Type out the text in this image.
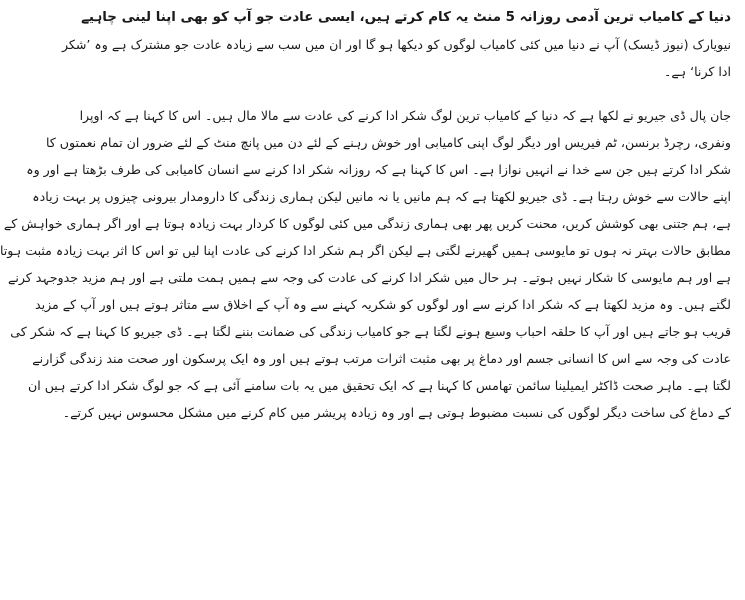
دنیا کے کامیاب ترین آدمی روزانہ 5 منٹ یہ کام کرتے ہیں، ایسی عادت جو آپ کو بھی اپنا لینی چاہیے
نیویارک (نیوز ڈیسک) آپ نے دنیا میں کئی کامیاب لوگوں کو دیکھا ہو گا اور ان میں سب سے زیادہ عادت جو مشترک ہے وہ ’شکر
ادا کرنا‘ ہے۔
جان پال ڈی جیریو نے لکھا ہے کہ دنیا کے کامیاب ترین لوگ شکر ادا کرنے کی عادت سے مالا مال ہیں۔ اس کا کہنا ہے کہ اوپرا
ونفری، رچرڈ برنسن، ٹم فیریس اور دیگر لوگ اپنی کامیابی اور خوش رہنے کے لئے دن میں پانچ منٹ کے لئے ضرور ان تمام نعمتوں کا
شکر ادا کرتے ہیں جن سے خدا نے انہیں نوازا ہے۔ اس کا کہنا ہے کہ روزانہ شکر ادا کرنے سے انسان کامیابی کی طرف بڑھتا ہے اور وہ
اپنے حالات سے خوش رہتا ہے۔ ڈی جیریو لکھتا ہے کہ ہم مانیں یا نہ مانیں لیکن ہماری زندگی کا دارومدار بیرونی چیزوں پر بہت زیادہ
ہے، ہم جتنی بھی کوشش کریں، محنت کریں پھر بھی ہماری زندگی میں کئی لوگوں کا کردار بہت زیادہ ہوتا ہے اور اگر ہماری خواہش کے
مطابق حالات بہتر نہ ہوں تو مایوسی ہمیں گھیرنے لگتی ہے لیکن اگر ہم شکر ادا کرنے کی عادت اپنا لیں تو اس کا اثر بہت زیادہ مثبت ہوتا
ہے اور ہم مایوسی کا شکار نہیں ہوتے۔ ہر حال میں شکر ادا کرنے کی عادت کی وجہ سے ہمیں ہمت ملتی ہے اور ہم مزید جدوجہد کرنے
لگتے ہیں۔ وہ مزید لکھتا ہے کہ شکر ادا کرنے سے اور لوگوں کو شکریہ کہنے سے وہ آپ کے اخلاق سے متاثر ہوتے ہیں اور آپ کے مزید
قریب ہو جاتے ہیں اور آپ کا حلقہ احباب وسیع ہونے لگتا ہے جو کامیاب زندگی کی ضمانت بننے لگتا ہے۔ ڈی جیریو کا کہنا ہے کہ شکر کی
عادت کی وجہ سے اس کا انسانی جسم اور دماغ پر بھی مثبت اثرات مرتب ہوتے ہیں اور وہ ایک پرسکون اور صحت مند زندگی گزارنے
لگتا ہے۔ ماہر صحت ڈاکٹر ایمیلینا سائمن تھامس کا کہنا ہے کہ ایک تحقیق میں یہ بات سامنے آئی ہے کہ جو لوگ شکر ادا کرتے ہیں ان
کے دماغ کی ساخت دیگر لوگوں کی نسبت مضبوط ہوتی ہے اور وہ زیادہ پریشر میں کام کرنے میں مشکل محسوس نہیں کرتے۔
